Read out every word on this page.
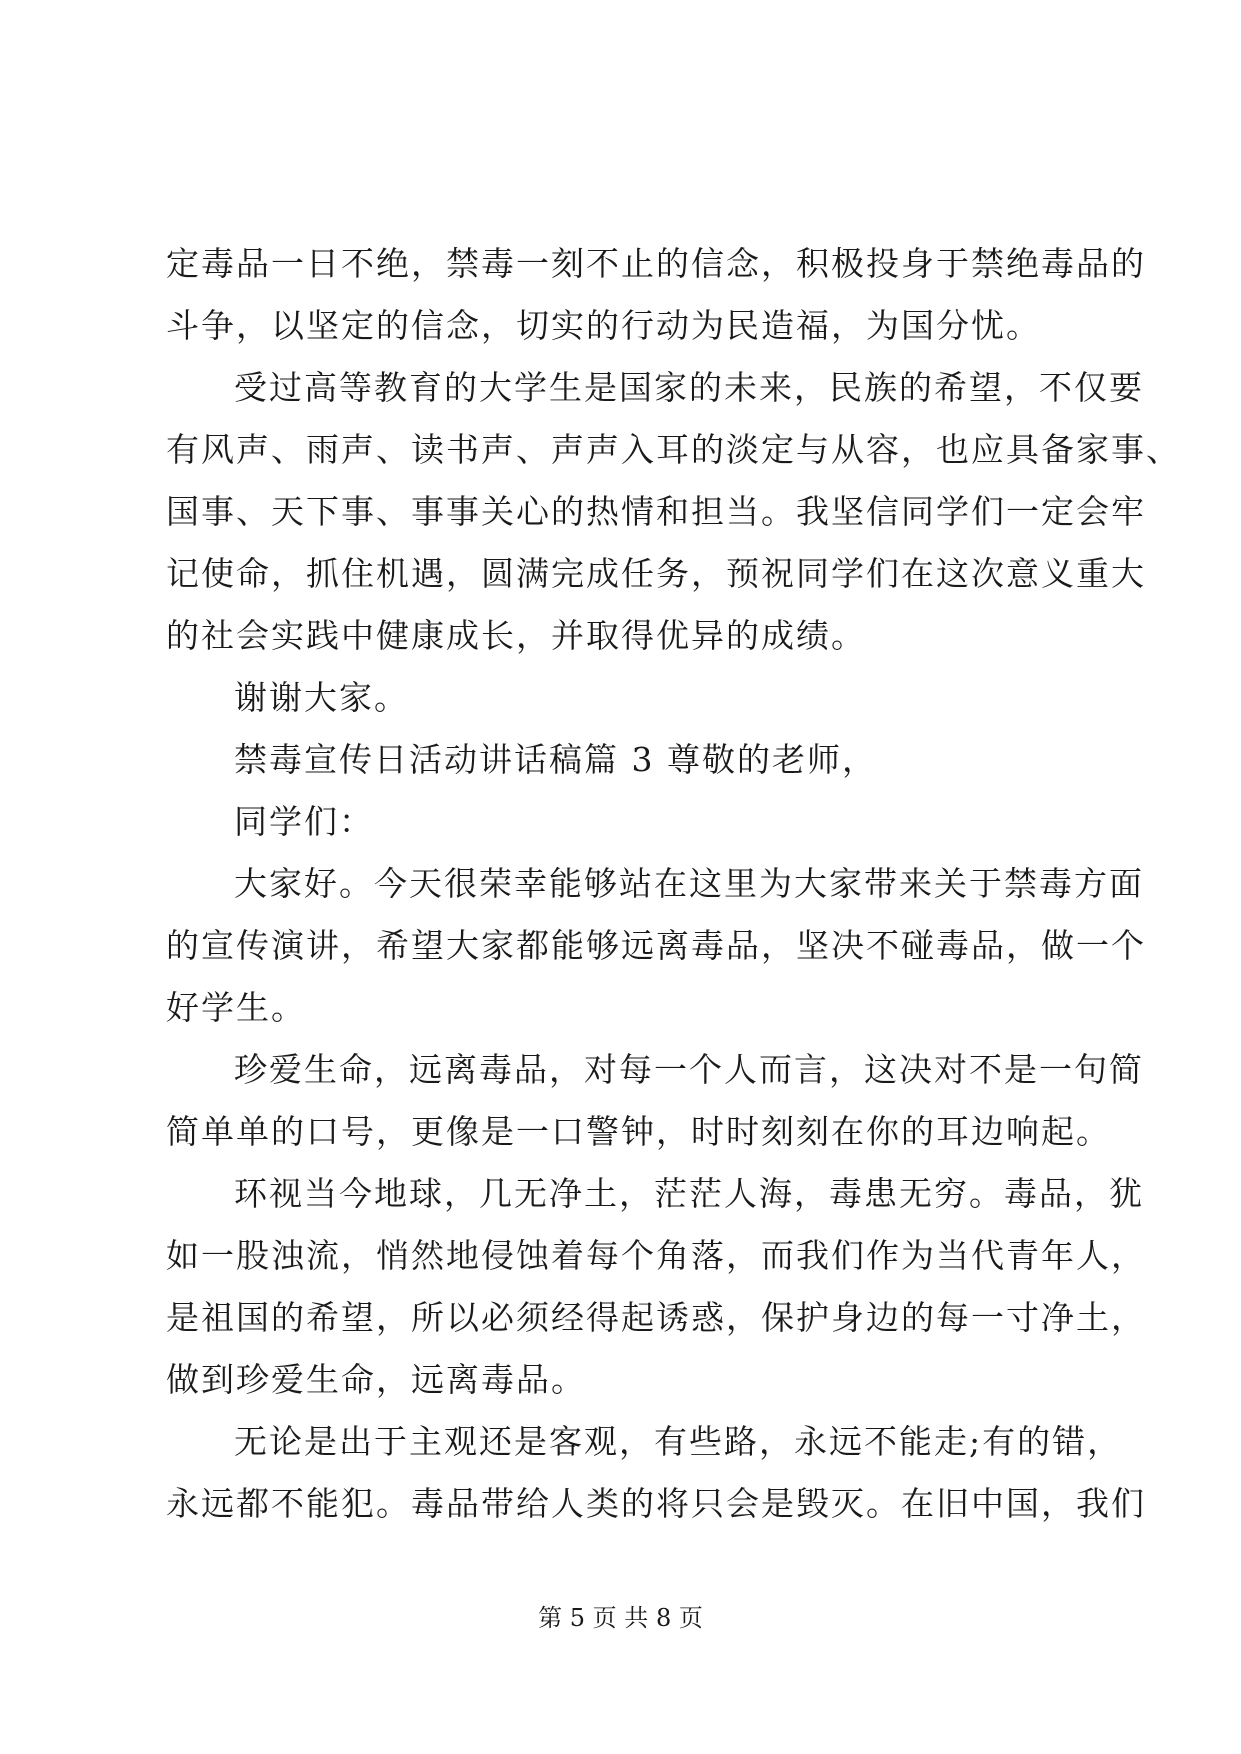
定毒品一日不绝，禁毒一刻不止的信念，积极投身于禁绝毒品的
斗争，以坚定的信念，切实的行动为民造福，为国分忧。
受过高等教育的大学生是国家的未来，民族的希望，不仅要
有风声、雨声、读书声、声声入耳的淡定与从容，也应具备家事、
国事、天下事、事事关心的热情和担当。我坚信同学们一定会牢
记使命，抓住机遇，圆满完成任务，预祝同学们在这次意义重大
的社会实践中健康成长，并取得优异的成绩。
谢谢大家。
禁毒宣传日活动讲话稿篇 3 尊敬的老师，
同学们：
大家好。今天很荣幸能够站在这里为大家带来关于禁毒方面
的宣传演讲，希望大家都能够远离毒品，坚决不碰毒品，做一个
好学生。
珍爱生命，远离毒品，对每一个人而言，这决对不是一句简
简单单的口号，更像是一口警钟，时时刻刻在你的耳边响起。
环视当今地球，几无净土，茫茫人海，毒患无穷。毒品，犹
如一股浊流，悄然地侵蚀着每个角落，而我们作为当代青年人，
是祖国的希望，所以必须经得起诱惑，保护身边的每一寸净土，
做到珍爱生命，远离毒品。
无论是出于主观还是客观，有些路，永远不能走;有的错，
永远都不能犯。毒品带给人类的将只会是毁灭。在旧中国，我们
第 5 页 共 8 页
